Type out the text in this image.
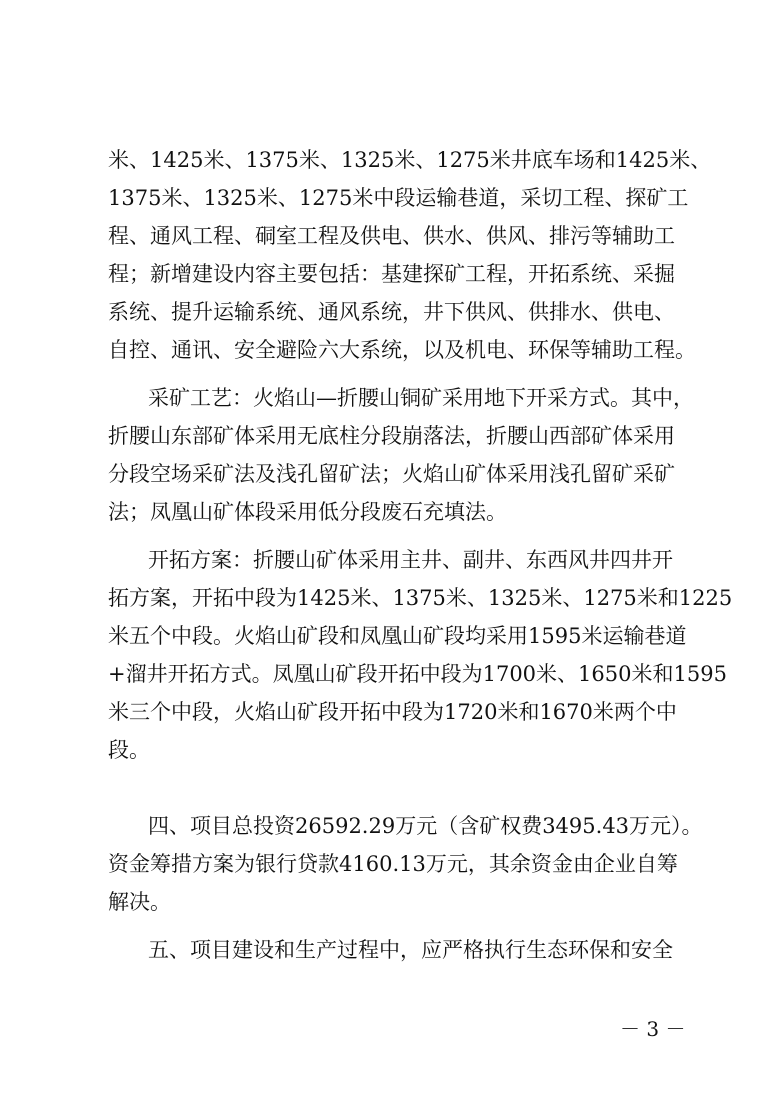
米、1425米、1375米、1325米、1275米井底车场和1425米、
1375米、1325米、1275米中段运输巷道，采切工程、探矿工
程、通风工程、硐室工程及供电、供水、供风、排污等辅助工
程；新增建设内容主要包括：基建探矿工程，开拓系统、采掘
系统、提升运输系统、通风系统，井下供风、供排水、供电、
自控、通讯、安全避险六大系统，以及机电、环保等辅助工程。
采矿工艺：火焰山—折腰山铜矿采用地下开采方式。其中，
折腰山东部矿体采用无底柱分段崩落法，折腰山西部矿体采用
分段空场采矿法及浅孔留矿法；火焰山矿体采用浅孔留矿采矿
法；凤凰山矿体段采用低分段废石充填法。
开拓方案：折腰山矿体采用主井、副井、东西风井四井开
拓方案，开拓中段为1425米、1375米、1325米、1275米和1225
米五个中段。火焰山矿段和凤凰山矿段均采用1595米运输巷道
+溜井开拓方式。凤凰山矿段开拓中段为1700米、1650米和1595
米三个中段，火焰山矿段开拓中段为1720米和1670米两个中
段。
四、项目总投资26592.29万元（含矿权费3495.43万元）。
资金筹措方案为银行贷款4160.13万元，其余资金由企业自筹
解决。
五、项目建设和生产过程中，应严格执行生态环保和安全
－ 3 －
